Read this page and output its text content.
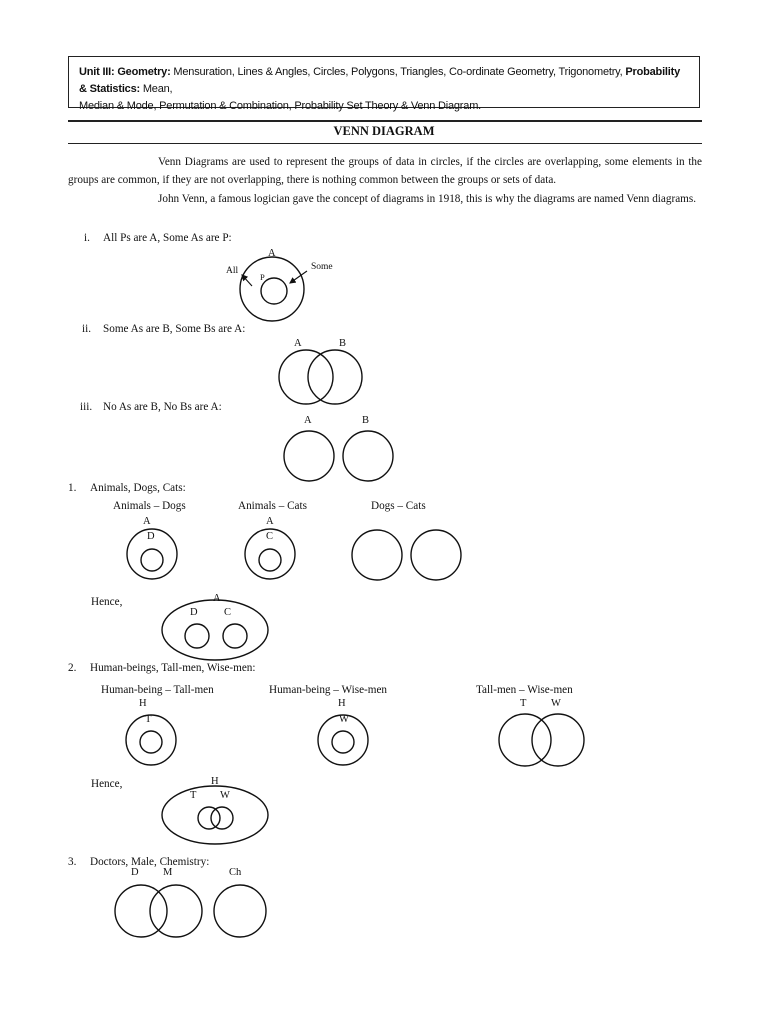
Unit III: Geometry: Mensuration, Lines & Angles, Circles, Polygons, Triangles, Co-ordinate Geometry, Trigonometry, Probability & Statistics: Mean,
Median & Mode, Permutation & Combination, Probability Set Theory & Venn Diagram.
VENN DIAGRAM

Venn Diagrams are used to represent the groups of data in circles, if the circles are overlapping, some elements in the groups are common, if they are not overlapping, there is nothing common between the groups or sets of data.

John Venn, a famous logician gave the concept of diagrams in 1918, this is why the diagrams are named Venn diagrams.

i. All Ps are A, Some As are P:
A
All
P
Some
ii. Some As are B, Some Bs are A:
A	B
iii. No As are B, No Bs are A:
A	B
1. Animals, Dogs, Cats:
Animals – Dogs	Animals – Cats	Dogs – Cats
A
D
A
C
Hence,	A
D	C
2. Human-beings, Tall-men, Wise-men:
Human-being – Tall-men	Human-being – Wise-men	Tall-men – Wise-men
H
T
H
W
T W
Hence,	H
T W
3. Doctors, Male, Chemistry:
D M	Ch
